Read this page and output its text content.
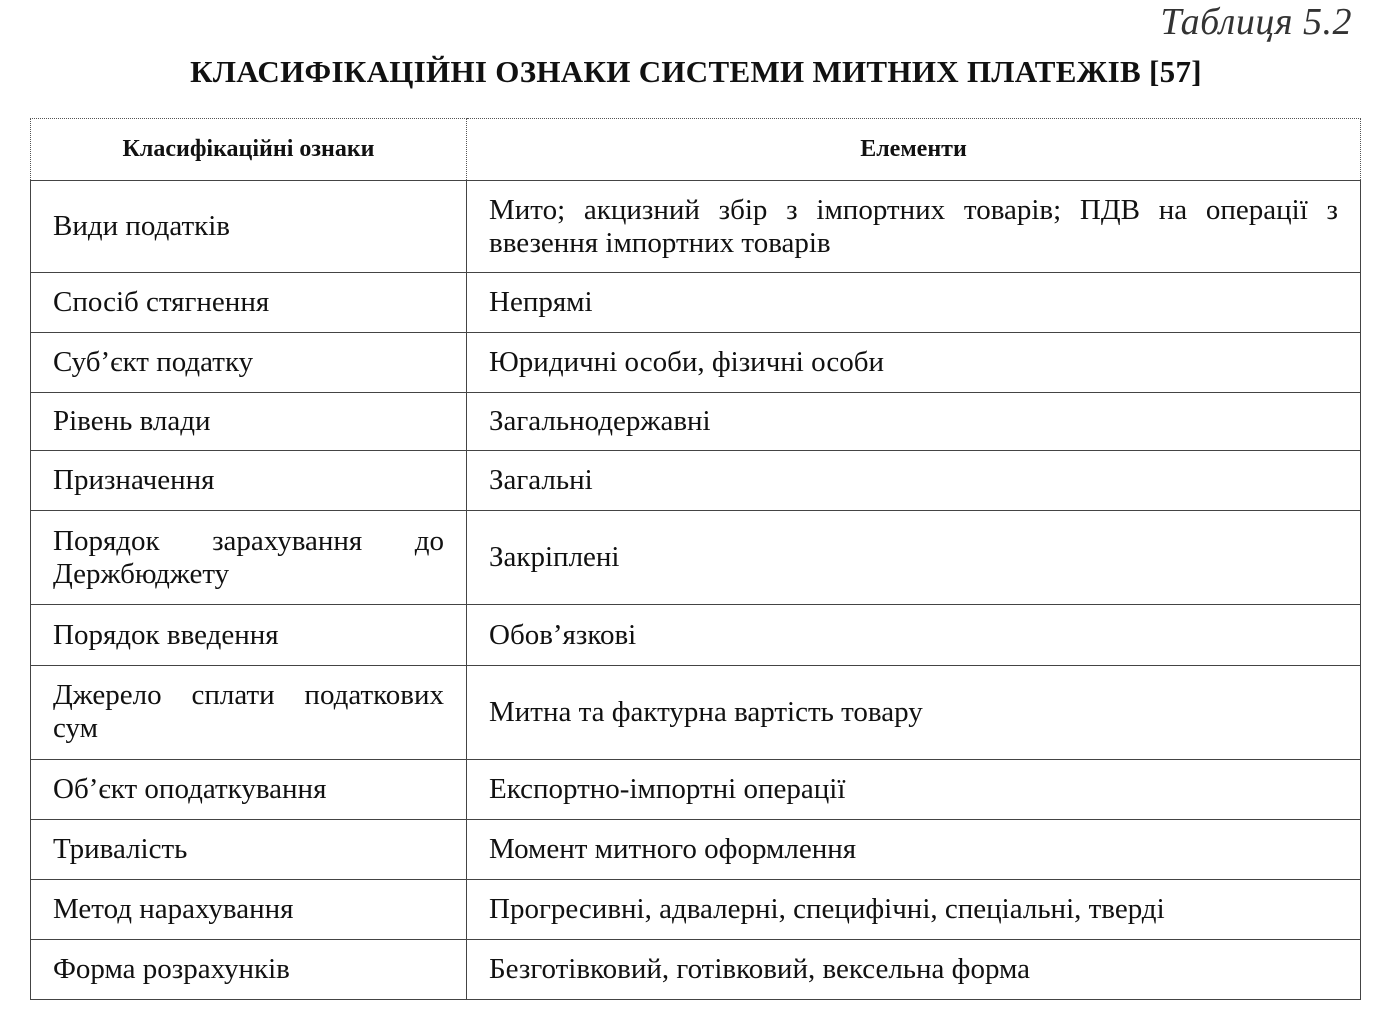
Таблиця 5.2
КЛАСИФІКАЦІЙНІ ОЗНАКИ СИСТЕМИ МИТНИХ ПЛАТЕЖІВ [57]
Класифікаційні ознаки	Елементи
Види податків	Мито; акцизний збір з імпортних товарів; ПДВ на операції з ввезення імпортних товарів
Спосіб стягнення	Непрямі
Суб’єкт податку	Юридичні особи, фізичні особи
Рівень влади	Загальнодержавні
Призначення	Загальні
Порядок зарахування до Держбюджету	Закріплені
Порядок введення	Обов’язкові
Джерело сплати податкових сум	Митна та фактурна вартість товару
Об’єкт оподаткування	Експортно-імпортні операції
Тривалість	Момент митного оформлення
Метод нарахування	Прогресивні, адвалерні, специфічні, спеціальні, тверді
Форма розрахунків	Безготівковий, готівковий, вексельна форма
